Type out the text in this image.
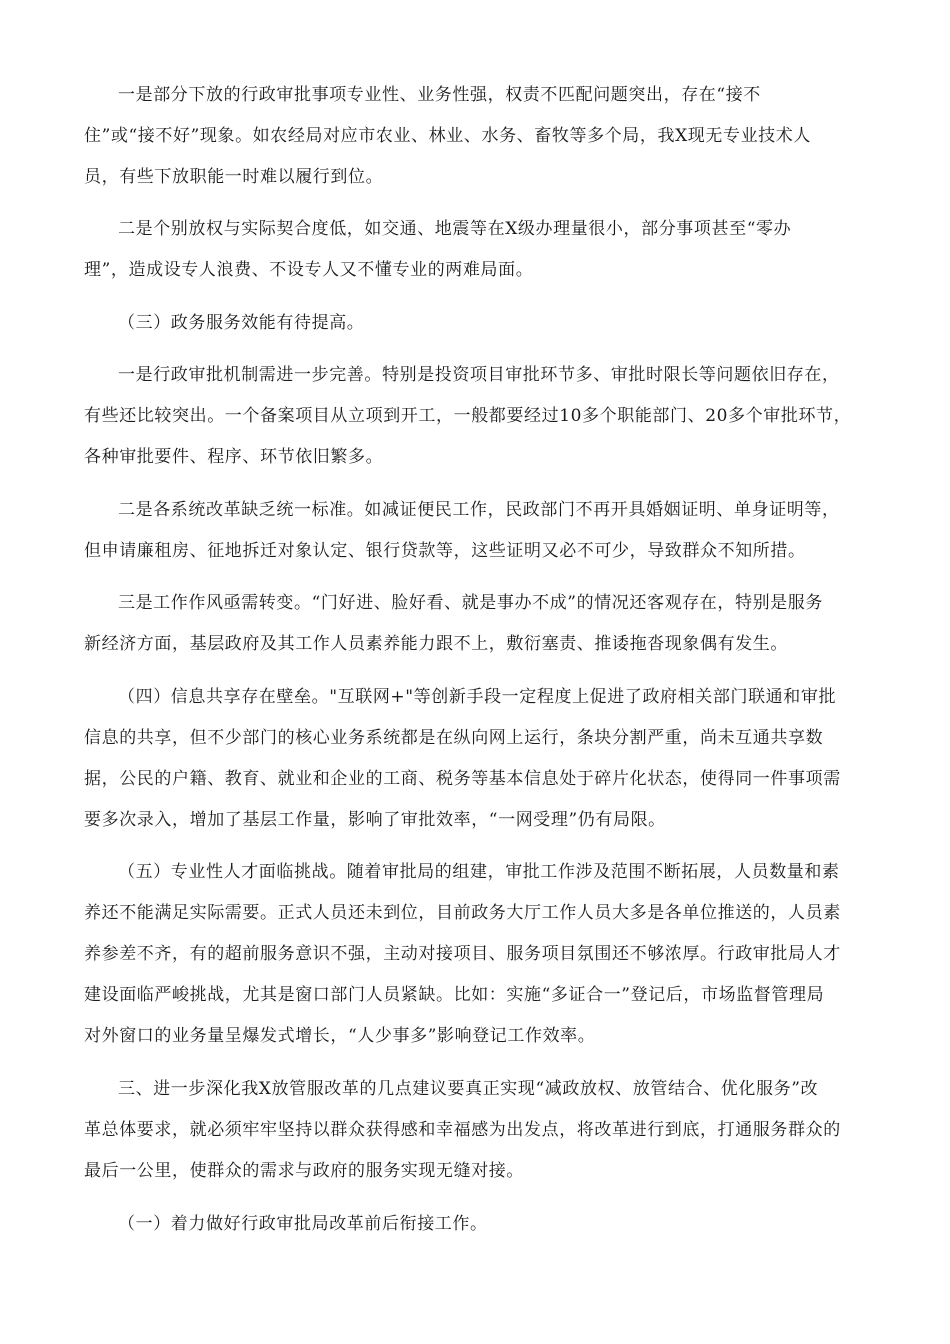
一是部分下放的行政审批事项专业性、业务性强，权责不匹配问题突出，存在“接不
住”或“接不好”现象。如农经局对应市农业、林业、水务、畜牧等多个局，我X现无专业技术人
员，有些下放职能一时难以履行到位。
二是个别放权与实际契合度低，如交通、地震等在X级办理量很小，部分事项甚至“零办
理”，造成设专人浪费、不设专人又不懂专业的两难局面。
（三）政务服务效能有待提高。
一是行政审批机制需进一步完善。特别是投资项目审批环节多、审批时限长等问题依旧存在，
有些还比较突出。一个备案项目从立项到开工，一般都要经过10多个职能部门、20多个审批环节，
各种审批要件、程序、环节依旧繁多。
二是各系统改革缺乏统一标准。如减证便民工作，民政部门不再开具婚姻证明、单身证明等，
但申请廉租房、征地拆迁对象认定、银行贷款等，这些证明又必不可少，导致群众不知所措。
三是工作作风亟需转变。“门好进、脸好看、就是事办不成”的情况还客观存在，特别是服务
新经济方面，基层政府及其工作人员素养能力跟不上，敷衍塞责、推诿拖沓现象偶有发生。
（四）信息共享存在壁垒。"互联网+"等创新手段一定程度上促进了政府相关部门联通和审批
信息的共享，但不少部门的核心业务系统都是在纵向网上运行，条块分割严重，尚未互通共享数
据，公民的户籍、教育、就业和企业的工商、税务等基本信息处于碎片化状态，使得同一件事项需
要多次录入，增加了基层工作量，影响了审批效率，“一网受理”仍有局限。
（五）专业性人才面临挑战。随着审批局的组建，审批工作涉及范围不断拓展，人员数量和素
养还不能满足实际需要。正式人员还未到位，目前政务大厅工作人员大多是各单位推送的，人员素
养参差不齐，有的超前服务意识不强，主动对接项目、服务项目氛围还不够浓厚。行政审批局人才
建设面临严峻挑战，尤其是窗口部门人员紧缺。比如：实施“多证合一”登记后，市场监督管理局
对外窗口的业务量呈爆发式增长，“人少事多”影响登记工作效率。
三、进一步深化我X放管服改革的几点建议要真正实现“减政放权、放管结合、优化服务”改
革总体要求，就必须牢牢坚持以群众获得感和幸福感为出发点，将改革进行到底，打通服务群众的
最后一公里，使群众的需求与政府的服务实现无缝对接。
（一）着力做好行政审批局改革前后衔接工作。
